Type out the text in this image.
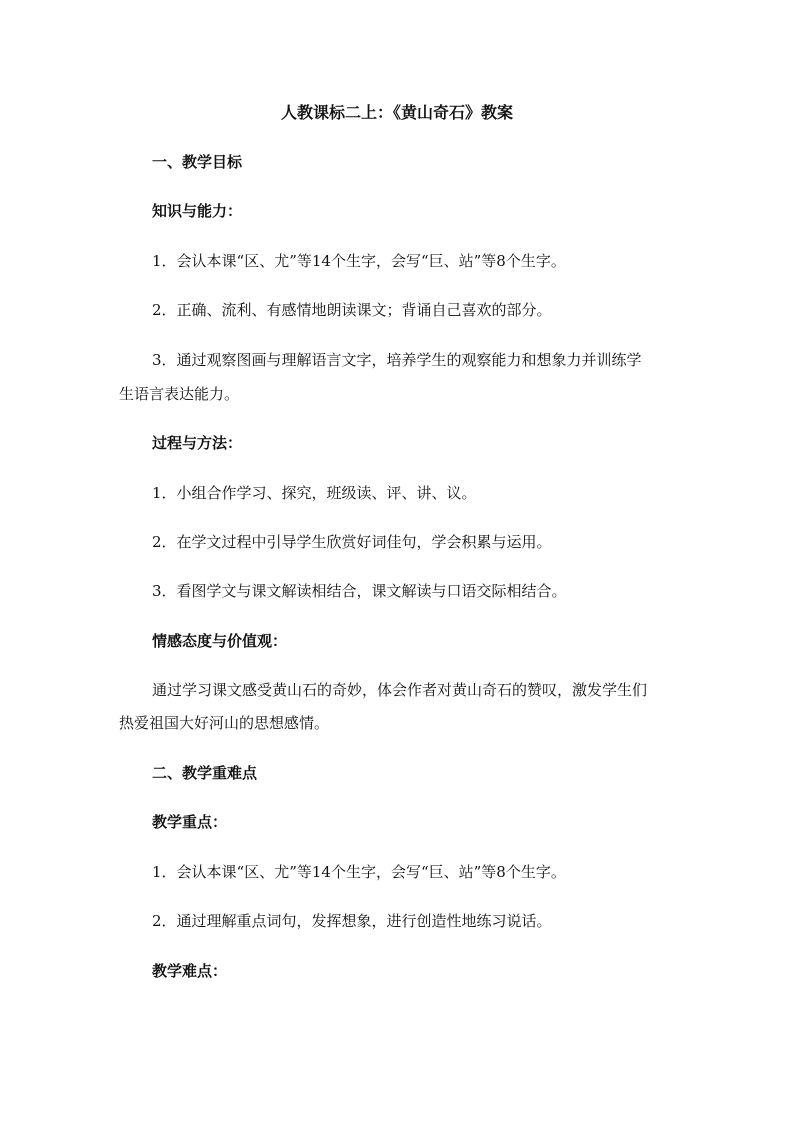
人教课标二上：《黄山奇石》教案
一、教学目标
知识与能力：
1．会认本课“区、尤”等14个生字，会写“巨、站”等8个生字。
2．正确、流利、有感情地朗读课文；背诵自己喜欢的部分。
3．通过观察图画与理解语言文字，培养学生的观察能力和想象力并训练学
生语言表达能力。
过程与方法：
1．小组合作学习、探究，班级读、评、讲、议。
2．在学文过程中引导学生欣赏好词佳句，学会积累与运用。
3．看图学文与课文解读相结合，课文解读与口语交际相结合。
情感态度与价值观：
通过学习课文感受黄山石的奇妙，体会作者对黄山奇石的赞叹，激发学生们
热爱祖国大好河山的思想感情。
二、教学重难点
教学重点：
1．会认本课“区、尤”等14个生字，会写“巨、站”等8个生字。
2．通过理解重点词句，发挥想象，进行创造性地练习说话。
教学难点：
